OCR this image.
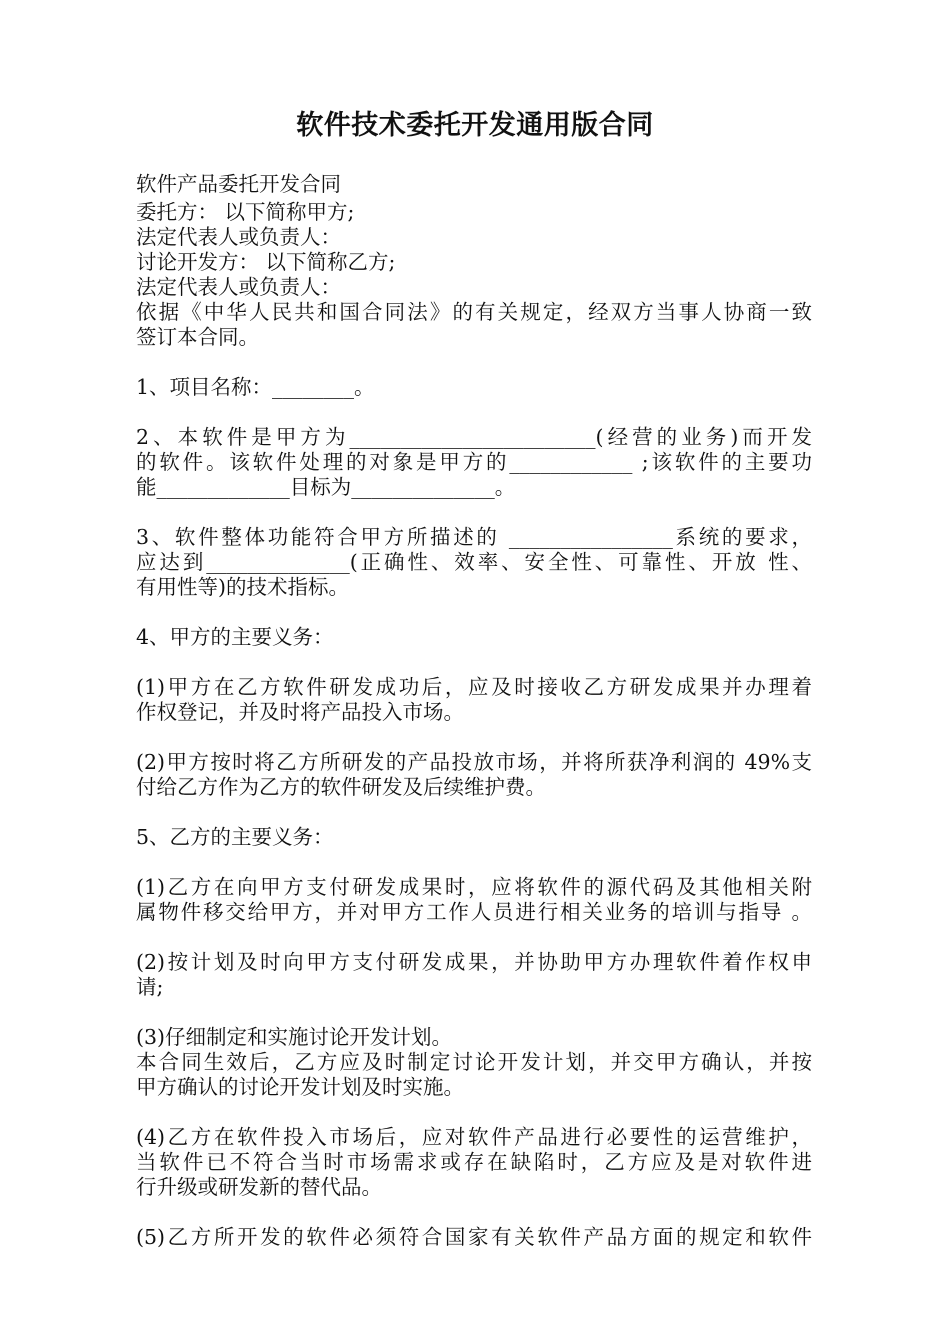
软件技术委托开发通用版合同
软件产品委托开发合同
委托方： 以下简称甲方;
法定代表人或负责人：
讨论开发方： 以下简称乙方;
法定代表人或负责人：
依据《中华人民共和国合同法》的有关规定，经双方当事人协商一致
签订本合同。
1、项目名称：________。
2、本软件是甲方为________________________(经营的业务)而开发
的软件。该软件处理的对象是甲方的____________ ;该软件的主要功
能_____________目标为______________。
3、软件整体功能符合甲方所描述的 ________________系统的要求，
应达到______________(正确性、效率、安全性、可靠性、开放 性、
有用性等)的技术指标。
4、甲方的主要义务：
(1)甲方在乙方软件研发成功后，应及时接收乙方研发成果并办理着
作权登记，并及时将产品投入市场。
(2)甲方按时将乙方所研发的产品投放市场，并将所获净利润的 49%支
付给乙方作为乙方的软件研发及后续维护费。
5、乙方的主要义务：
(1)乙方在向甲方支付研发成果时，应将软件的源代码及其他相关附
属物件移交给甲方，并对甲方工作人员进行相关业务的培训与指导 。
(2)按计划及时向甲方支付研发成果，并协助甲方办理软件着作权申
请;
(3)仔细制定和实施讨论开发计划。
本合同生效后，乙方应及时制定讨论开发计划，并交甲方确认，并按
甲方确认的讨论开发计划及时实施。
(4)乙方在软件投入市场后，应对软件产品进行必要性的运营维护，
当软件已不符合当时市场需求或存在缺陷时，乙方应及是对软件进
行升级或研发新的替代品。
(5)乙方所开发的软件必须符合国家有关软件产品方面的规定和软件
